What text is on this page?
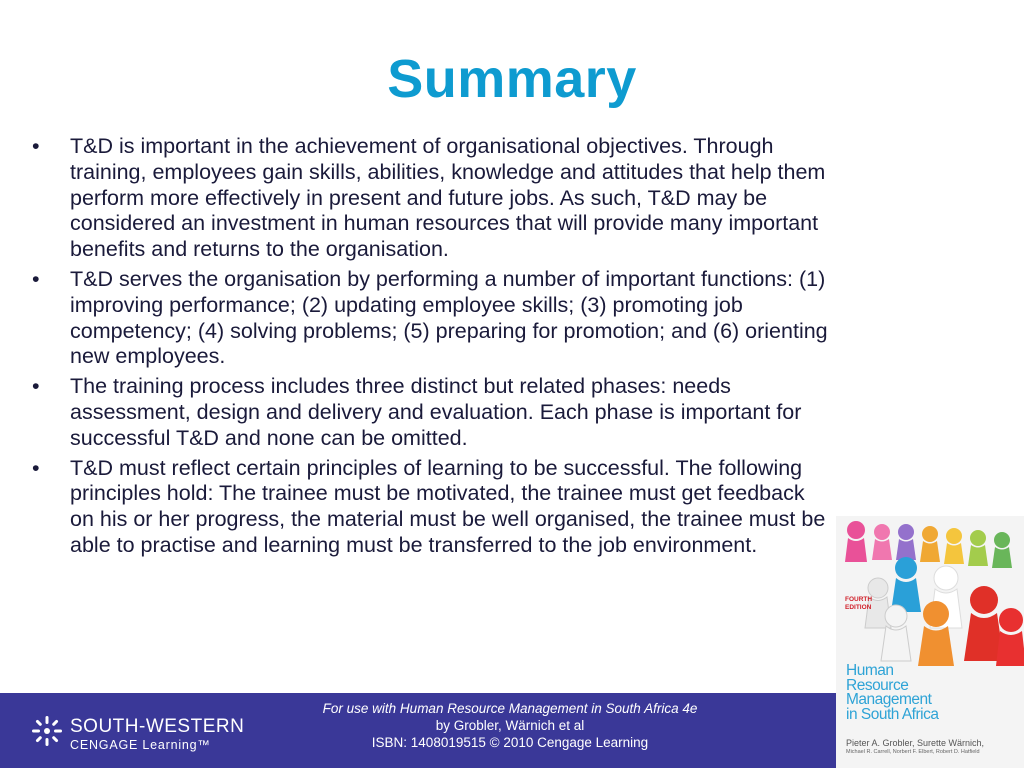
Summary
•	T&D is important in the achievement of organisational objectives. Through training, employees gain skills, abilities, knowledge and attitudes that help them perform more effectively in present and future jobs. As such, T&D may be considered an investment in human resources that will provide many important benefits and returns to the organisation.
•	T&D serves the organisation by performing a number of important functions: (1) improving performance; (2) updating employee skills; (3) promoting job competency; (4) solving problems; (5) preparing for promotion; and (6) orienting new employees.
•	The training process includes three distinct but related phases: needs assessment, design and delivery and evaluation. Each phase is important for successful T&D and none can be omitted.
•	T&D must reflect certain principles of learning to be successful. The following principles hold: The trainee must be motivated, the trainee must get feedback on his or her progress, the material must be well organised, the trainee must be able to practise and learning must be transferred to the job environment.
SOUTH-WESTERN
CENGAGE Learning™
For use with Human Resource Management in South Africa 4e
by Grobler, Wärnich et al
ISBN: 1408019515 © 2010 Cengage Learning
FOURTH
EDITION
Human
Resource
Management
in South Africa
Pieter A. Grobler, Surette Wärnich,
Michael R. Carrell, Norbert F. Elbert, Robert D. Hatfield
